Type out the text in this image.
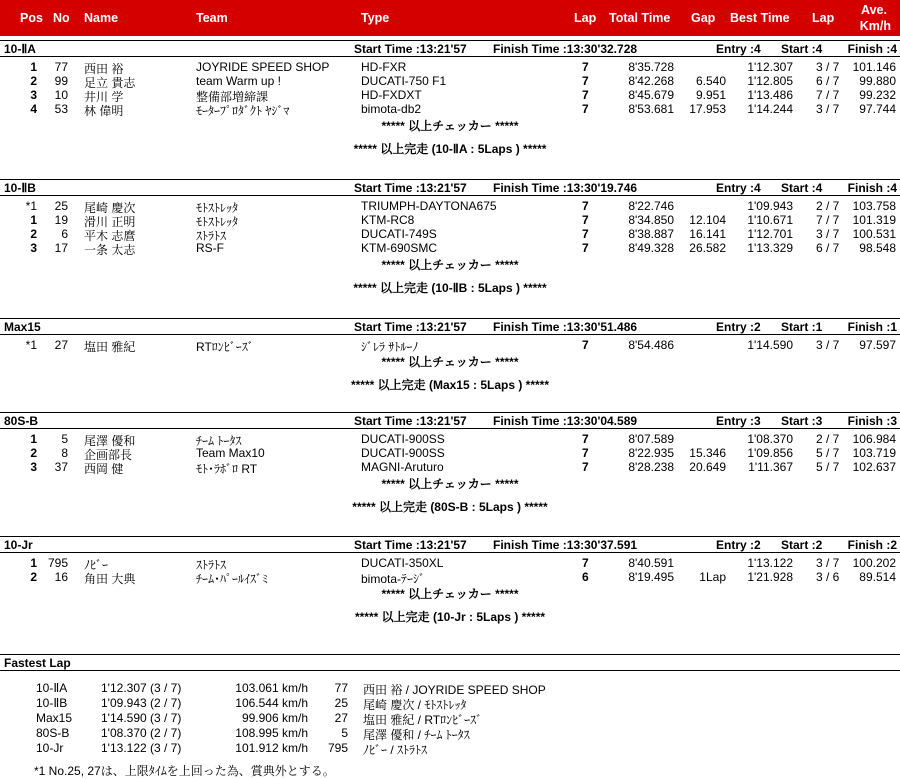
Pos No Name	Team	Type	Lap Total Time Gap Best Time Lap
Ave.
Km/h
10-ⅡA	Start Time :13:21'57 Finish Time :13:30'32.728	Entry :4 Start :4 Finish :4
1 77 西田 裕	JOYRIDE SPEED SHOP	HD-FXR	7	8'35.728	1'12.307 3 / 7 101.146
2 99 足立 貴志	team Warm up !	DUCATI-750 F1	7	8'42.268 6.540 1'12.805 6 / 7 99.880
3 10 井川 学	整備部増締課	HD-FXDXT	7	8'45.679 9.951 1'13.486 7 / 7 99.232
4 53 林 偉明	ﾓｰﾀｰﾌﾟﾛﾀﾞｸﾄ ﾔｼﾞﾏ	bimota-db2	7	8'53.681 17.953 1'14.244 3 / 7 97.744
***** 以上チェッカー *****
***** 以上完走 (10-ⅡA : 5Laps ) *****
10-ⅡB	Start Time :13:21'57 Finish Time :13:30'19.746	Entry :4 Start :4 Finish :4
*1 25 尾崎 慶次	ﾓﾄｽﾄﾚｯﾀ	TRIUMPH-DAYTONA675	7	8'22.746	1'09.943 2 / 7 103.758
1 19 滑川 正明	ﾓﾄｽﾄﾚｯﾀ	KTM-RC8	7	8'34.850 12.104 1'10.671 7 / 7 101.319
2 6 平木 志麿	ｽﾄﾗﾄｽ	DUCATI-749S	7	8'38.887 16.141 1'12.701 3 / 7 100.531
3 17 一条 太志	RS-F	KTM-690SMC	7	8'49.328 26.582 1'13.329 6 / 7 98.548
***** 以上チェッカー *****
***** 以上完走 (10-ⅡB : 5Laps ) *****
Max15	Start Time :13:21'57 Finish Time :13:30'51.486	Entry :2 Start :1 Finish :1
*1 27 塩田 雅紀	RTﾛﾝﾋﾞｰｽﾞ	ｼﾞﾚﾗ ｻﾄﾙｰﾉ	7	8'54.486	1'14.590 3 / 7 97.597
***** 以上チェッカー *****
***** 以上完走 (Max15 : 5Laps ) *****
80S-B	Start Time :13:21'57 Finish Time :13:30'04.589	Entry :3 Start :3 Finish :3
1 5 尾澤 優和	ﾁｰﾑ ﾄｰﾀｽ	DUCATI-900SS	7	8'07.589	1'08.370 2 / 7 106.984
2 8 企画部長	Team Max10	DUCATI-900SS	7	8'22.935 15.346 1'09.856 5 / 7 103.719
3 37 西岡 健	ﾓﾄ･ﾗﾎﾞﾛ RT	MAGNI-Aruturo	7	8'28.238 20.649 1'11.367 5 / 7 102.637
***** 以上チェッカー *****
***** 以上完走 (80S-B : 5Laps ) *****
10-Jr	Start Time :13:21'57 Finish Time :13:30'37.591	Entry :2 Start :2 Finish :2
1 795 ﾉﾋﾞｰ	ｽﾄﾗﾄｽ	DUCATI-350XL	7	8'40.591	1'13.122 3 / 7 100.202
2 16 角田 大典	ﾁｰﾑ･ﾊﾟｰﾙｲｽﾞﾐ	bimota-ﾃｰｼﾞ	6	8'19.495 1Lap 1'21.928 3 / 6 89.514
***** 以上チェッカー *****
***** 以上完走 (10-Jr : 5Laps ) *****
Fastest Lap
10-ⅡA	1'12.307 (3 / 7)	103.061 km/h 77 西田 裕 / JOYRIDE SPEED SHOP
10-ⅡB	1'09.943 (2 / 7)	106.544 km/h 25 尾崎 慶次 / ﾓﾄｽﾄﾚｯﾀ
Max15 1'14.590 (3 / 7)	99.906 km/h 27 塩田 雅紀 / RTﾛﾝﾋﾞｰｽﾞ
80S-B	1'08.370 (2 / 7)	108.995 km/h	5 尾澤 優和 / ﾁｰﾑ ﾄｰﾀｽ
10-Jr	1'13.122 (3 / 7)	101.912 km/h 795 ﾉﾋﾞｰ / ｽﾄﾗﾄｽ
*1 No.25, 27は、上限ﾀｲﾑを上回った為、賞典外とする。
